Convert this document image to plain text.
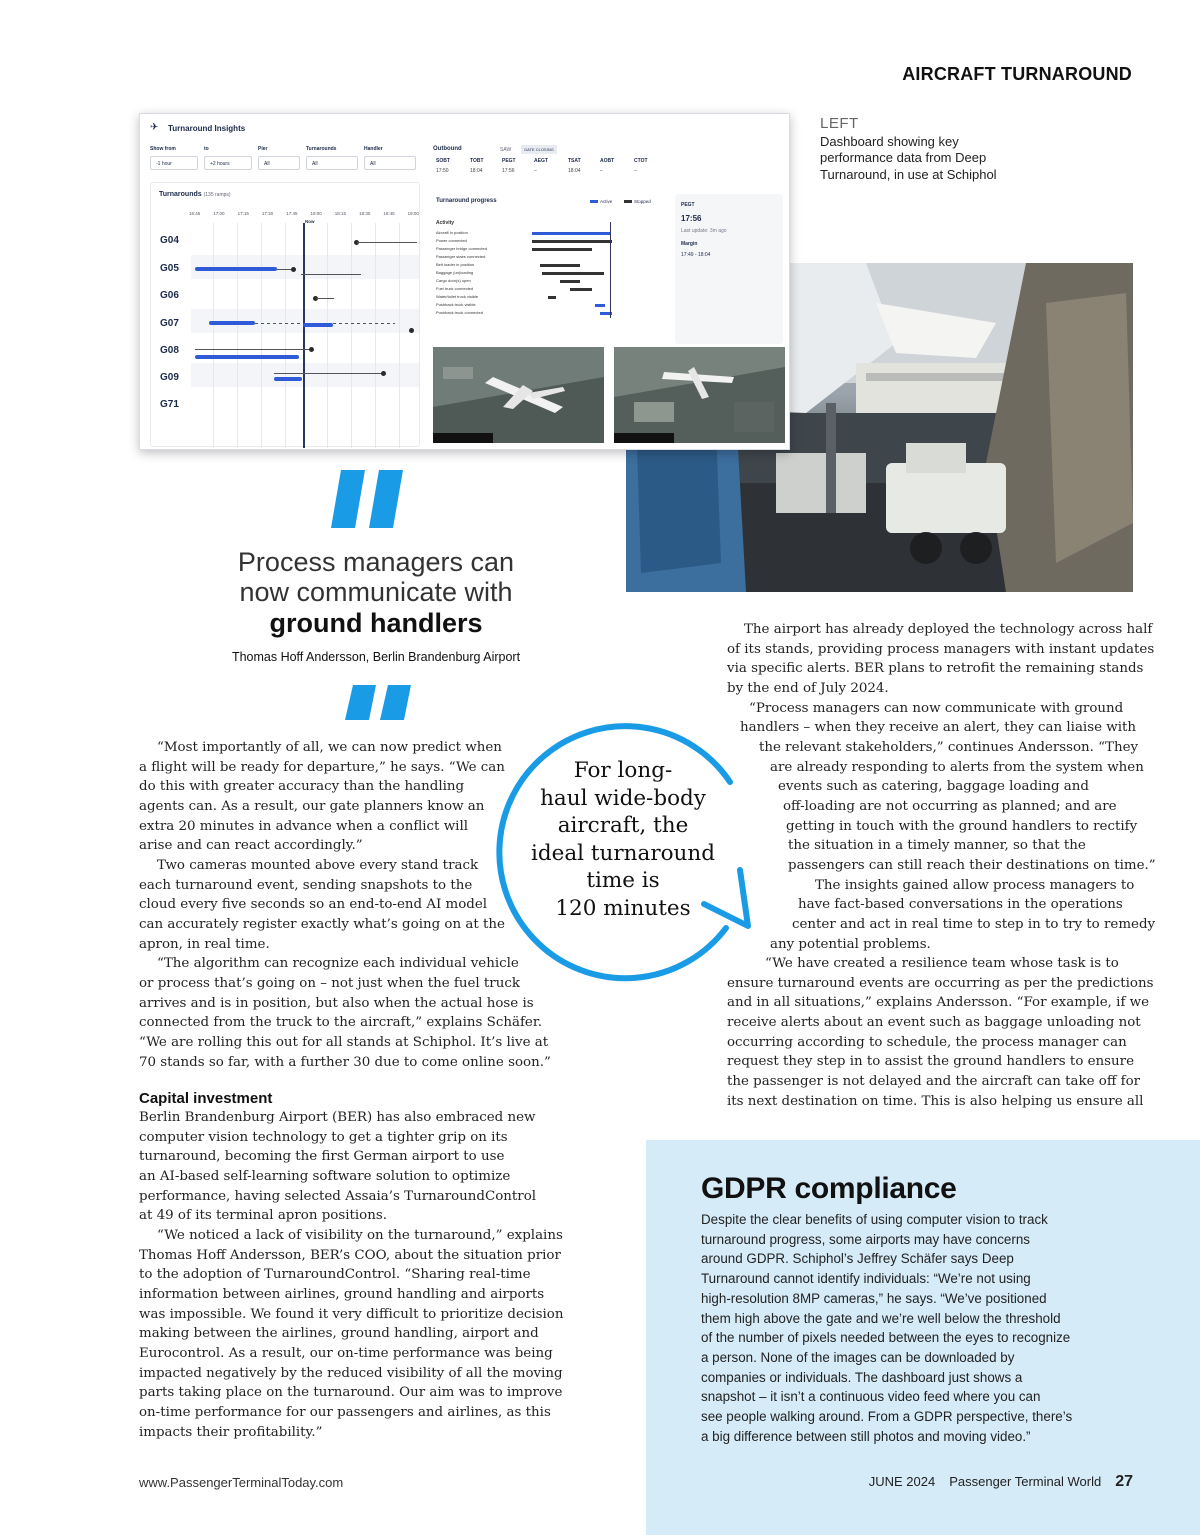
AIRCRAFT TURNAROUND
LEFT
Dashboard showing key performance data from Deep Turnaround, in use at Schiphol
✈ Turnaround Insights
Show from	to	Pier	Turnarounds	Handler
-1 hour	+2 hours	All	All	All
Turnarounds (135 ramps)
16:45	17:00	17:15	17:30	17:45	18:00	18:15	18:30	18:45	19:00
Now
G04
G05
G06
G07
G08
G09
G71
Outbound	SAW	GATE CLOSING
SOBT	TOBT	PEGT	AEGT	TSAT	AOBT	CTOT
17:50	18:04	17:56	–	18:04	–	–
Turnaround progress	Active	Stopped
Activity
Aircraft in position
Power connected
Passenger bridge connected
Passenger stairs connected
Belt loader in position
Baggage (un)loading
Cargo door(s) open
Fuel truck connected
Water/toilet truck visible
Pushback truck visible
Pushback truck connected
PEGT
17:56
Last update: 3m ago
Margin
17:49 - 18:04
Process managers can
now communicate with
ground handlers
Thomas Hoff Andersson, Berlin Brandenburg Airport

“Most importantly of all, we can now predict when
a flight will be ready for departure,” he says. “We can
do this with greater accuracy than the handling
agents can. As a result, our gate planners know an
extra 20 minutes in advance when a conflict will
arise and can react accordingly.”

Two cameras mounted above every stand track
each turnaround event, sending snapshots to the
cloud every five seconds so an end-to-end AI model
can accurately register exactly what’s going on at the
apron, in real time.

“The algorithm can recognize each individual vehicle
or process that’s going on – not just when the fuel truck
arrives and is in position, but also when the actual hose is
connected from the truck to the aircraft,” explains Schäfer.
“We are rolling this out for all stands at Schiphol. It’s live at
70 stands so far, with a further 30 due to come online soon.”

Capital investment

Berlin Brandenburg Airport (BER) has also embraced new
computer vision technology to get a tighter grip on its
turnaround, becoming the first German airport to use
an AI-based self-learning software solution to optimize
performance, having selected Assaia’s TurnaroundControl
at 49 of its terminal apron positions.

“We noticed a lack of visibility on the turnaround,” explains
Thomas Hoff Andersson, BER’s COO, about the situation prior
to the adoption of TurnaroundControl. “Sharing real-time
information between airlines, ground handling and airports
was impossible. We found it very difficult to prioritize decision
making between the airlines, ground handling, airport and
Eurocontrol. As a result, our on-time performance was being
impacted negatively by the reduced visibility of all the moving
parts taking place on the turnaround. Our aim was to improve
on-time performance for our passengers and airlines, as this
impacts their profitability.”

For long-
haul wide-body
aircraft, the
ideal turnaround
time is
120 minutes
The airport has already deployed the technology across half
of its stands, providing process managers with instant updates
via specific alerts. BER plans to retrofit the remaining stands
by the end of July 2024.
“Process managers can now communicate with ground
handlers – when they receive an alert, they can liaise with
the relevant stakeholders,” continues Andersson. “They
are already responding to alerts from the system when
events such as catering, baggage loading and
off-loading are not occurring as planned; and are
getting in touch with the ground handlers to rectify
the situation in a timely manner, so that the
passengers can still reach their destinations on time.”
The insights gained allow process managers to
have fact-based conversations in the operations
center and act in real time to step in to try to remedy
any potential problems.
“We have created a resilience team whose task is to
ensure turnaround events are occurring as per the predictions
and in all situations,” explains Andersson. “For example, if we
receive alerts about an event such as baggage unloading not
occurring according to schedule, the process manager can
request they step in to assist the ground handlers to ensure
the passenger is not delayed and the aircraft can take off for
its next destination on time. This is also helping us ensure all
GDPR compliance
Despite the clear benefits of using computer vision to track
turnaround progress, some airports may have concerns
around GDPR. Schiphol’s Jeffrey Schäfer says Deep
Turnaround cannot identify individuals: “We’re not using
high-resolution 8MP cameras,” he says. “We’ve positioned
them high above the gate and we’re well below the threshold
of the number of pixels needed between the eyes to recognize
a person. None of the images can be downloaded by
companies or individuals. The dashboard just shows a
snapshot – it isn’t a continuous video feed where you can
see people walking around. From a GDPR perspective, there’s
a big difference between still photos and moving video.”
www.PassengerTerminalToday.com	JUNE 2024 Passenger Terminal World 27
